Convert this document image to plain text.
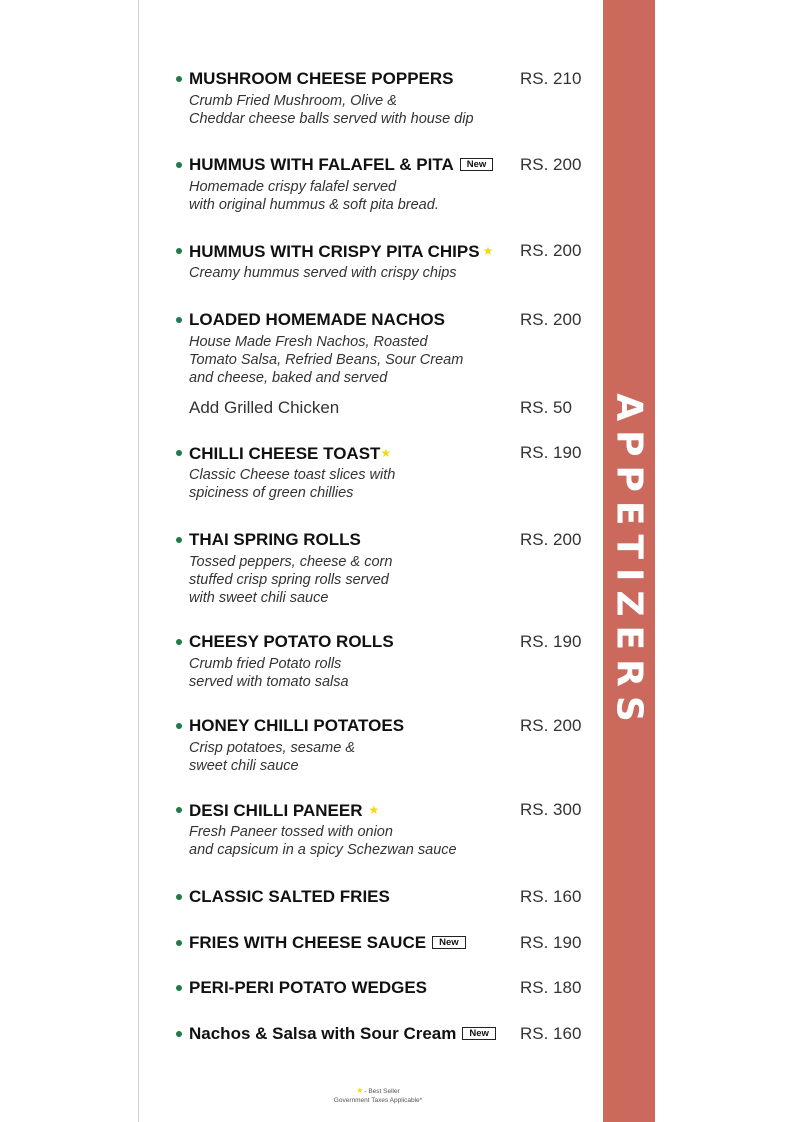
APPETIZERS
MUSHROOM CHEESE POPPERS	RS. 210
Crumb Fried Mushroom, Olive &
Cheddar cheese balls served with house dip
HUMMUS WITH FALAFEL & PITA New	RS. 200
Homemade crispy falafel served
with original hummus & soft pita bread.
HUMMUS WITH CRISPY PITA CHIPS ★ RS. 200
Creamy hummus served with crispy chips
LOADED HOMEMADE NACHOS	RS. 200
House Made Fresh Nachos, Roasted
Tomato Salsa, Refried Beans, Sour Cream
and cheese, baked and served
Add Grilled Chicken	RS. 50
CHILLI CHEESE TOAST★	RS. 190
Classic Cheese toast slices with
spiciness of green chillies
THAI SPRING ROLLS	RS. 200
Tossed peppers, cheese & corn
stuffed crisp spring rolls served
with sweet chili sauce
CHEESY POTATO ROLLS	RS. 190
Crumb fried Potato rolls
served with tomato salsa
HONEY CHILLI POTATOES	RS. 200
Crisp potatoes, sesame &
sweet chili sauce
DESI CHILLI PANEER ★	RS. 300
Fresh Paneer tossed with onion
and capsicum in a spicy Schezwan sauce
CLASSIC SALTED FRIES	RS. 160
FRIES WITH CHEESE SAUCE New	RS. 190
PERI-PERI POTATO WEDGES	RS. 180
Nachos & Salsa with Sour Cream New	RS. 160
★- Best Seller
Government Taxes Applicable*
